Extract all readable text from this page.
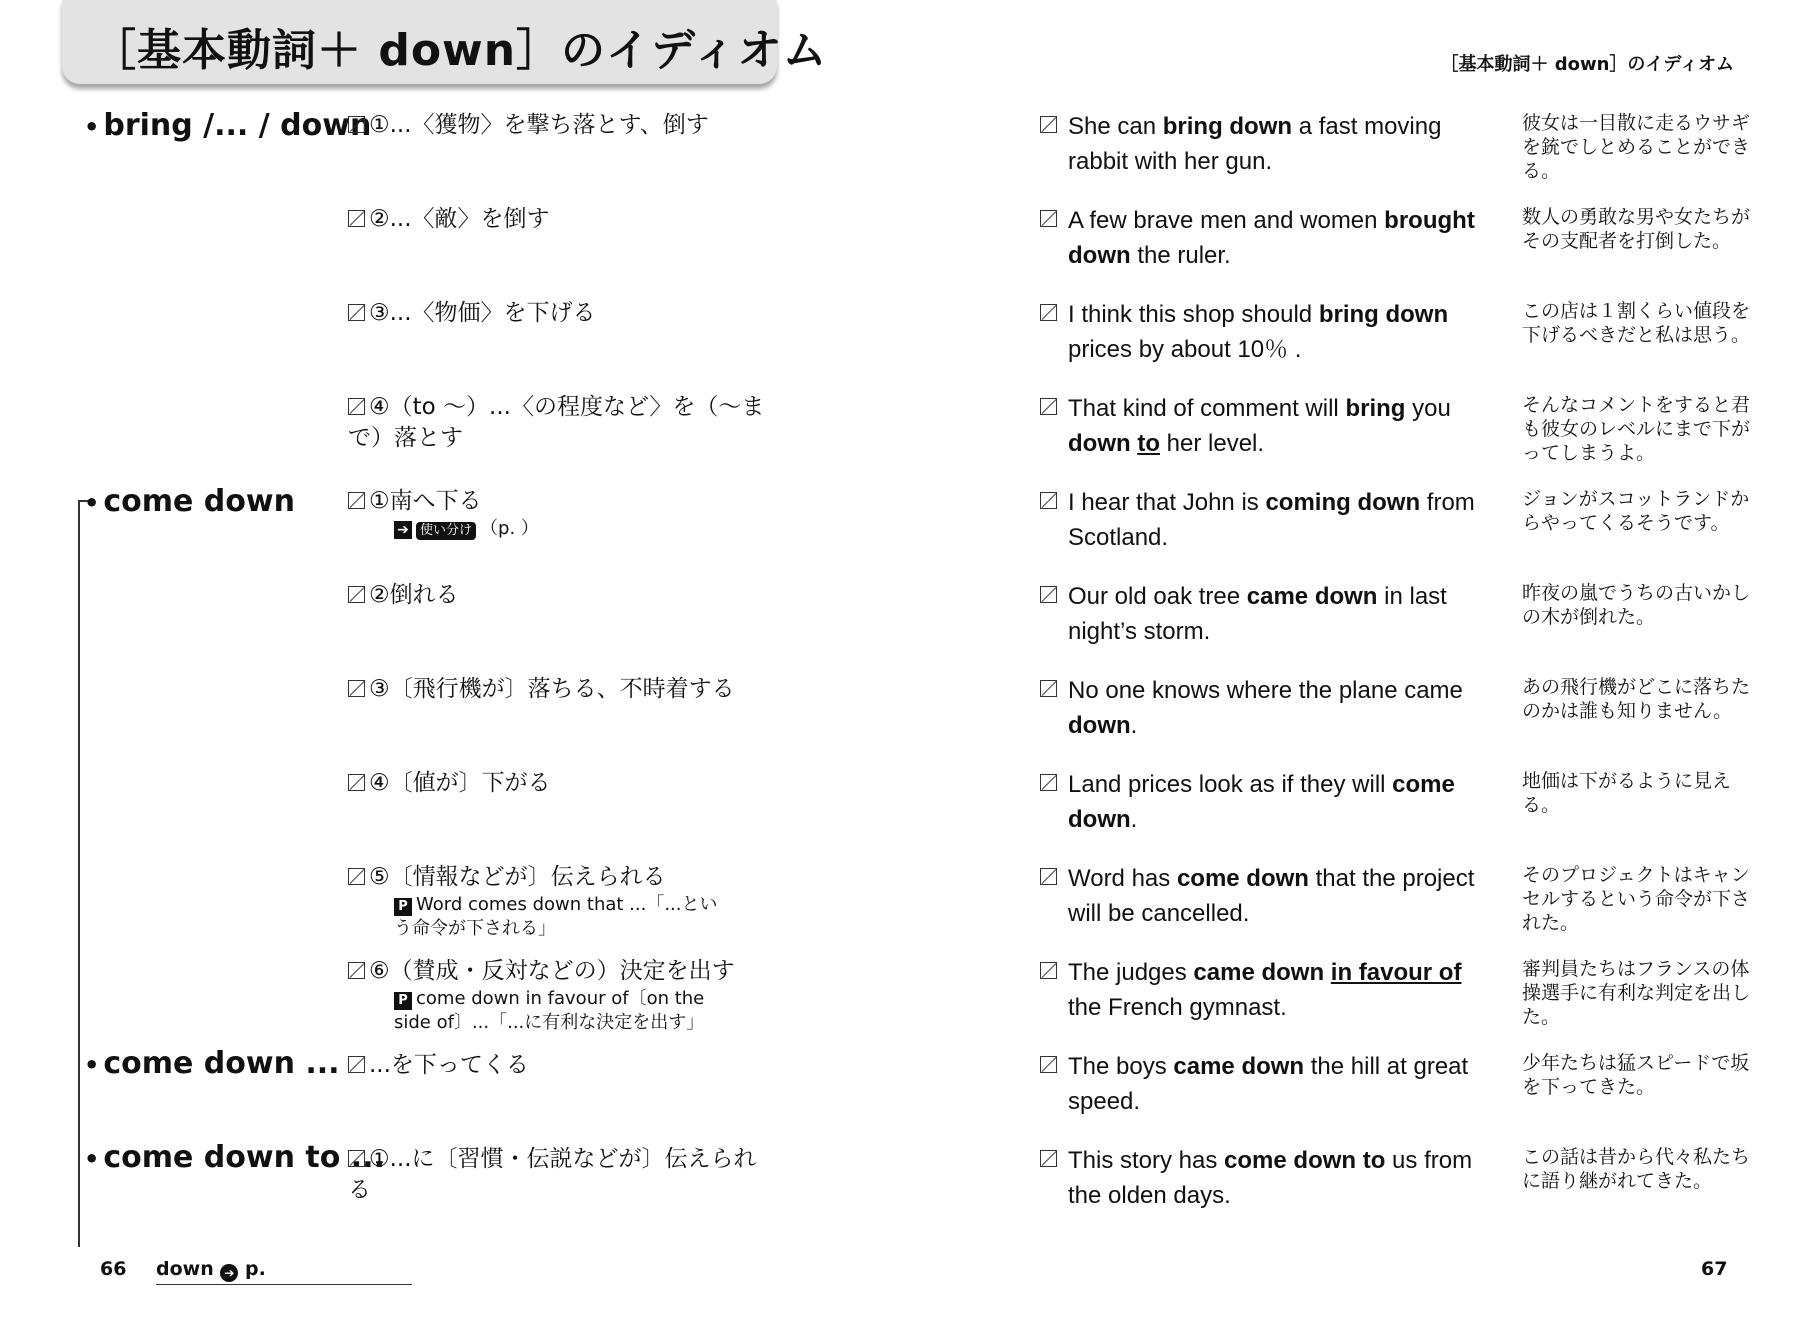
［基本動詞＋ down］のイディオム	［基本動詞＋ down］のイディオム
• bring /... / down
• come down
• come down ...
• come down to ...
①...〈獲物〉を撃ち落とす、倒す
②...〈敵〉を倒す
③...〈物価〉を下げる
④（to ～）...〈の程度など〉を（～まで）落とす
①南へ下る
➔ 使い分け （p. ）
②倒れる
③〔飛行機が〕落ちる、不時着する
④〔値が〕下がる
⑤〔情報などが〕伝えられる
P Word comes down that ...「...という命令が下される」
⑥（賛成・反対などの）決定を出す
P come down in favour of〔on the side of〕...「...に有利な決定を出す」
...を下ってくる
①...に〔習慣・伝説などが〕伝えられる
She can bring down a fast moving rabbit with her gun.
彼女は一目散に走るウサギを銃でしとめることができる。
A few brave men and women brought down the ruler.
数人の勇敢な男や女たちがその支配者を打倒した。
I think this shop should bring down prices by about 10％ .
この店は１割くらい値段を下げるべきだと私は思う。
That kind of comment will bring you down to her level.
そんなコメントをすると君も彼女のレベルにまで下がってしまうよ。
I hear that John is coming down from Scotland.
ジョンがスコットランドからやってくるそうです。
Our old oak tree came down in last night’s storm.
昨夜の嵐でうちの古いかしの木が倒れた。
No one knows where the plane came down.
あの飛行機がどこに落ちたのかは誰も知りません。
Land prices look as if they will come down.
地価は下がるように見える。
Word has come down that the project will be cancelled.
そのプロジェクトはキャンセルするという命令が下された。
The judges came down in favour of the French gymnast.
審判員たちはフランスの体操選手に有利な判定を出した。
The boys came down the hill at great speed.
少年たちは猛スピードで坂を下ってきた。
This story has come down to us from the olden days.
この話は昔から代々私たちに語り継がれてきた。
66 down ➔ p.	67
